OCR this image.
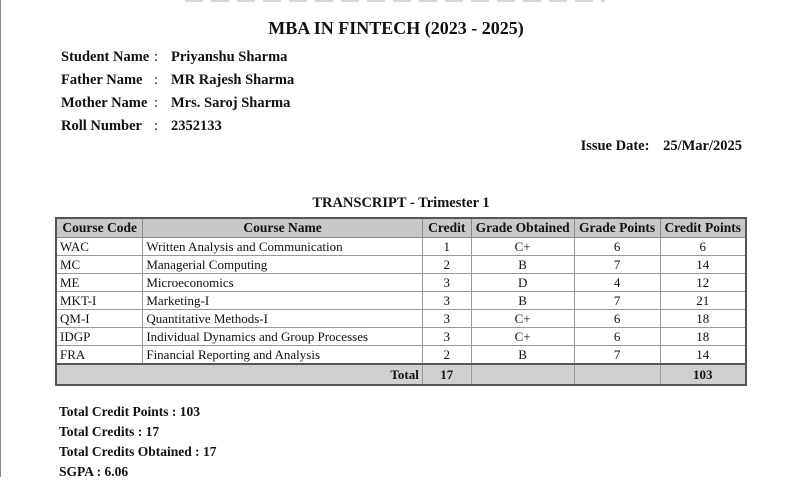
MBA IN FINTECH (2023 - 2025)
Student Name : Priyanshu Sharma
Father Name : MR Rajesh Sharma
Mother Name : Mrs. Saroj Sharma
Roll Number : 2352133
Issue Date: 25/Mar/2025
TRANSCRIPT - Trimester 1
Course Code	Course Name	Credit	Grade Obtained	Grade Points	Credit Points
WAC	Written Analysis and Communication	1	C+	6	6
MC	Managerial Computing	2	B	7	14
ME	Microeconomics	3	D	4	12
MKT-I	Marketing-I	3	B	7	21
QM-I	Quantitative Methods-I	3	C+	6	18
IDGP	Individual Dynamics and Group Processes	3	C+	6	18
FRA	Financial Reporting and Analysis	2	B	7	14
Total		17			103
Total Credit Points : 103
Total Credits : 17
Total Credits Obtained : 17
SGPA : 6.06
